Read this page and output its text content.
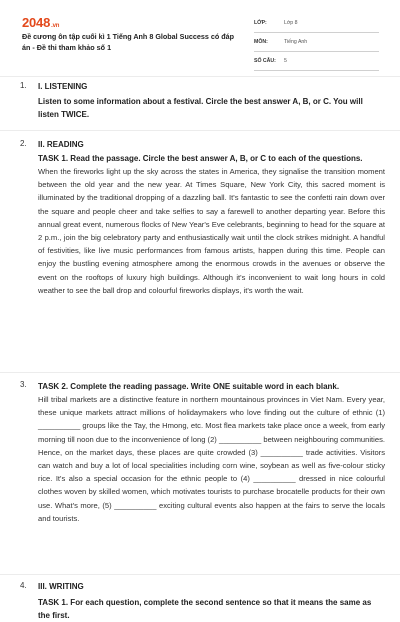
2048.vn
Đề cương ôn tập cuối kì 1 Tiếng Anh 8 Global Success có đáp án - Đề thi tham khảo số 1
LỚP:	Lớp 8
MÔN:	Tiếng Anh
SỐ CÂU:	5
1. I. LISTENING
Listen to some information about a festival. Circle the best answer A, B, or C. You will listen TWICE.
2. II. READING
TASK 1. Read the passage. Circle the best answer A, B, or C to each of the questions.
When the fireworks light up the sky across the states in America, they signalise the transition moment between the old year and the new year. At Times Square, New York City, this sacred moment is illuminated by the traditional dropping of a dazzling ball. It's fantastic to see the confetti rain down over the square and people cheer and take selfies to say a farewell to another departing year. Before this annual great event, numerous flocks of New Year's Eve celebrants, beginning to head for the square at 2 p.m., join the big celebratory party and enthusiastically wait until the clock strikes midnight. A handful of festivities, like live music performances from famous artists, happen during this time. People can enjoy the bustling evening atmosphere among the enormous crowds in the avenues or observe the event on the rooftops of luxury high buildings. Although it's inconvenient to wait long hours in cold weather to see the ball drop and colourful fireworks displays, it's worth the wait.
3. TASK 2. Complete the reading passage. Write ONE suitable word in each blank.
Hill tribal markets are a distinctive feature in northern mountainous provinces in Viet Nam. Every year, these unique markets attract millions of holidaymakers who love finding out the culture of ethnic (1) __________ groups like the Tay, the Hmong, etc. Most flea markets take place once a week, from early morning till noon due to the inconvenience of long (2) __________ between neighbouring communities. Hence, on the market days, these places are quite crowded (3) __________ trade activities. Visitors can watch and buy a lot of local specialities including corn wine, soybean as well as five-colour sticky rice. It's also a special occasion for the ethnic people to (4) __________ dressed in nice colourful clothes woven by skilled women, which motivates tourists to purchase brocatelle products for their own use. What's more, (5) __________ exciting cultural events also happen at the fairs to serve the locals and tourists.
4. III. WRITING
TASK 1. For each question, complete the second sentence so that it means the same as the first.
